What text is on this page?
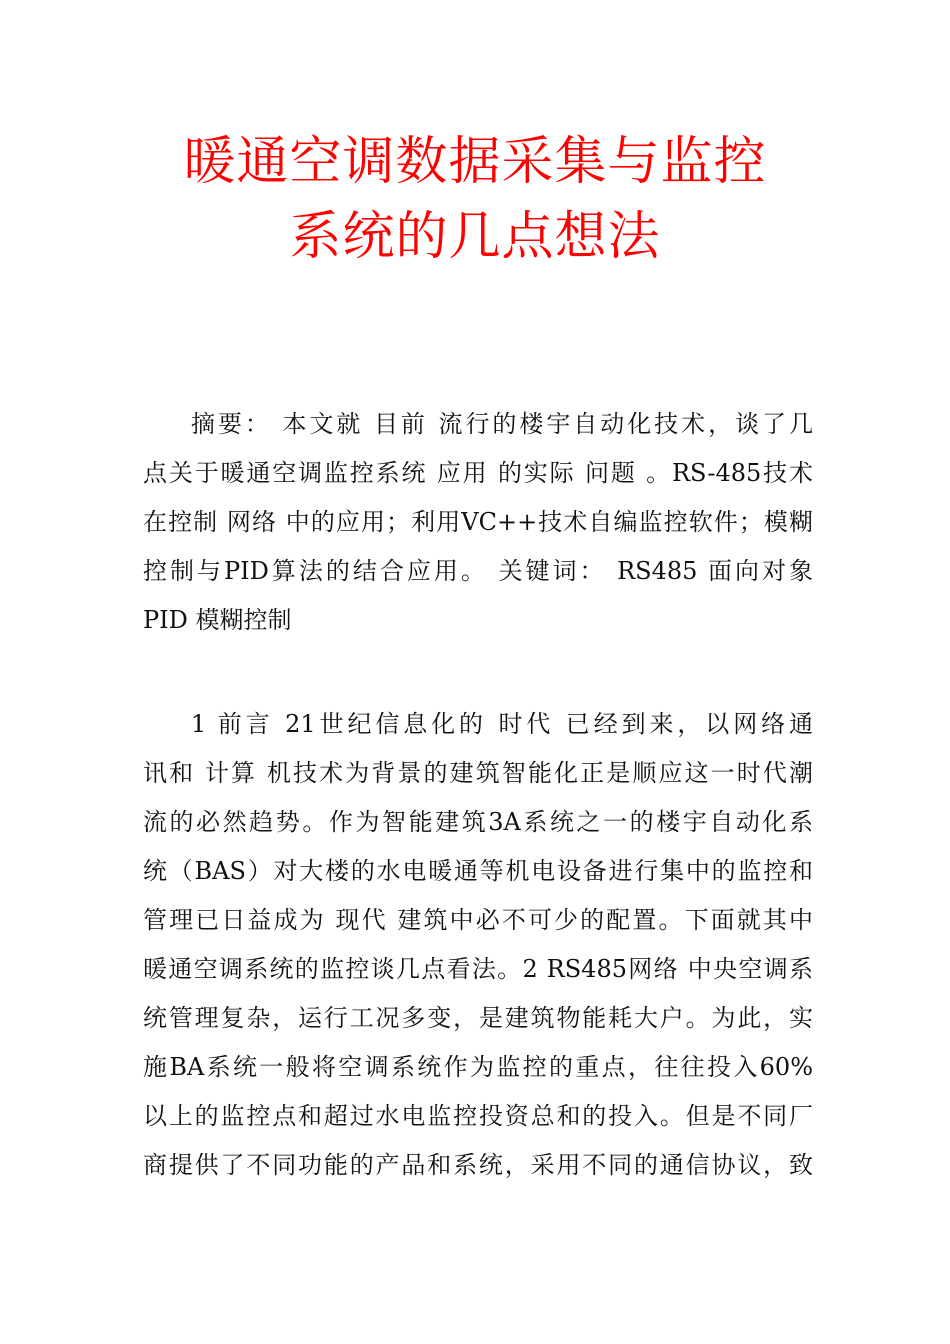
暖通空调数据采集与监控
系统的几点想法
摘要： 本文就 目前 流行的楼宇自动化技术，谈了几
点关于暖通空调监控系统 应用 的实际 问题 。RS-485技术
在控制 网络 中的应用；利用VC++技术自编监控软件；模糊
控制与PID算法的结合应用。 关键词： RS485 面向对象
PID 模糊控制
1 前言 21世纪信息化的 时代 已经到来，以网络通
讯和 计算 机技术为背景的建筑智能化正是顺应这一时代潮
流的必然趋势。作为智能建筑3A系统之一的楼宇自动化系
统（BAS）对大楼的水电暖通等机电设备进行集中的监控和
管理已日益成为 现代 建筑中必不可少的配置。下面就其中
暖通空调系统的监控谈几点看法。2 RS485网络 中央空调系
统管理复杂，运行工况多变，是建筑物能耗大户。为此，实
施BA系统一般将空调系统作为监控的重点，往往投入60%
以上的监控点和超过水电监控投资总和的投入。但是不同厂
商提供了不同功能的产品和系统，采用不同的通信协议，致
